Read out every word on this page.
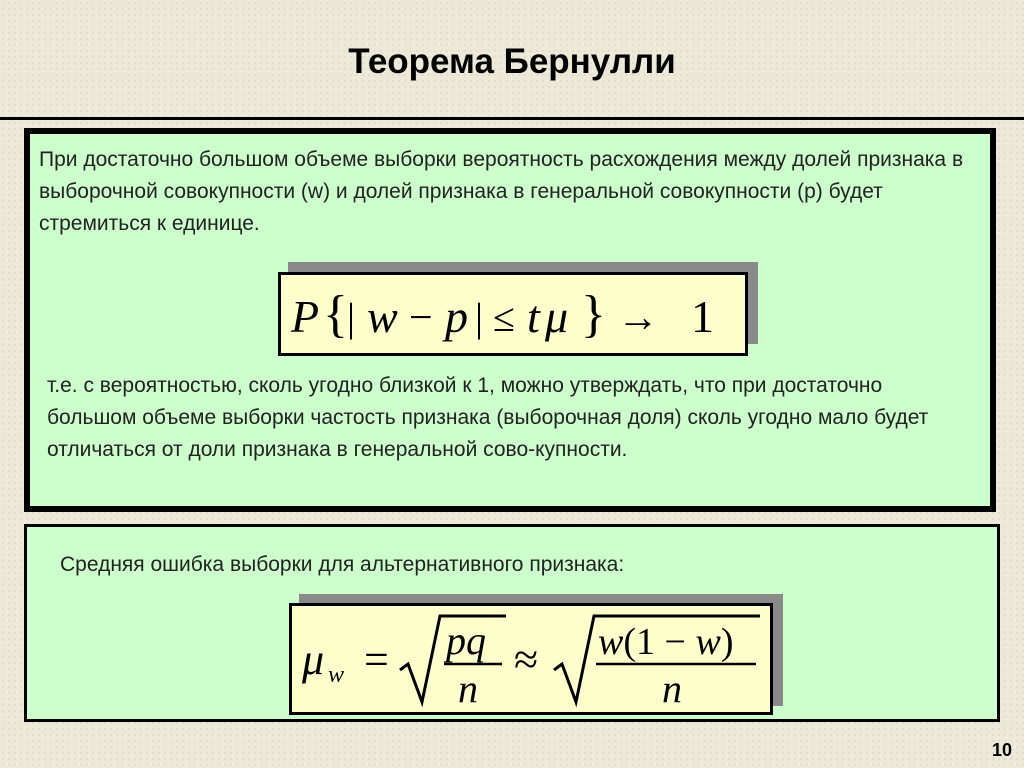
Теорема Бернулли
При достаточно большом объеме выборки вероятность расхождения между долей признака в выборочной совокупности (w) и долей признака в генеральной совокупности (p) будет стремиться к единице.
P { | w − p | ≤ t μ } → 1
т.е. с вероятностью, сколь угодно близкой к 1, можно утверждать, что при достаточно большом объеме выборки частость признака (выборочная доля) сколь угодно мало будет отличаться от доли признака в генеральной сово-купности.
Средняя ошибка выборки для альтернативного признака:
μ w = pq
n
≈ w(1 − w)
n
10
